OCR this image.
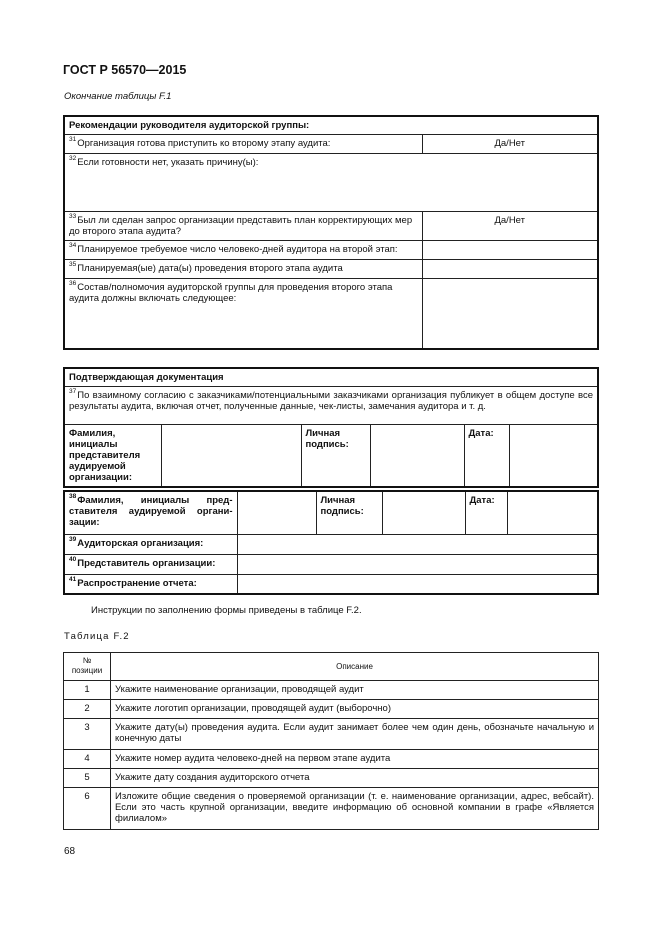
ГОСТ Р 56570—2015
Окончание таблицы F.1
Рекомендации руководителя аудиторской группы:	
$^{31}$Организация готова приступить ко второму этапу аудита:	Да/Нет
$^{32}$Если готовности нет, указать причину(ы):	
$^{33}$Был ли сделан запрос организации представить план корректирующих мер до второго этапа аудита?	Да/Нет
$^{34}$Планируемое требуемое число человеко-дней аудитора на второй этап:	
$^{35}$Планируемая(ые) дата(ы) проведения второго этапа аудита	
$^{36}$Состав/полномочия аудиторской группы для проведения второго этапа аудита должны включать следующее:	
Подтверждающая документация
$^{37}$По взаимному согласию с заказчиками/потенциальными заказчиками организация публикует в общем доступе все результаты аудита, включая отчет, полученные данные, чек-листы, замечания аудитора и т. д.
Фамилия, инициалы представителя аудируемой организации:		Личная подпись:		Дата:	
$^{38}$Фамилия, инициалы представителя аудируемой организации:		Личная подпись:		Дата:	
$^{39}$Аудиторская организация:					
$^{40}$Представитель организации:					
$^{41}$Распространение отчета:					
Инструкции по заполнению формы приведены в таблице F.2.
Таблица F.2
№ позиции	Описание
1	Укажите наименование организации, проводящей аудит
2	Укажите логотип организации, проводящей аудит (выборочно)
3	Укажите дату(ы) проведения аудита. Если аудит занимает более чем один день, обозначьте начальную и конечную даты
4	Укажите номер аудита человеко-дней на первом этапе аудита
5	Укажите дату создания аудиторского отчета
6	Изложите общие сведения о проверяемой организации (т. е. наименование организации, адрес, вебсайт). Если это часть крупной организации, введите информацию об основной компании в графе «Является филиалом»
68
